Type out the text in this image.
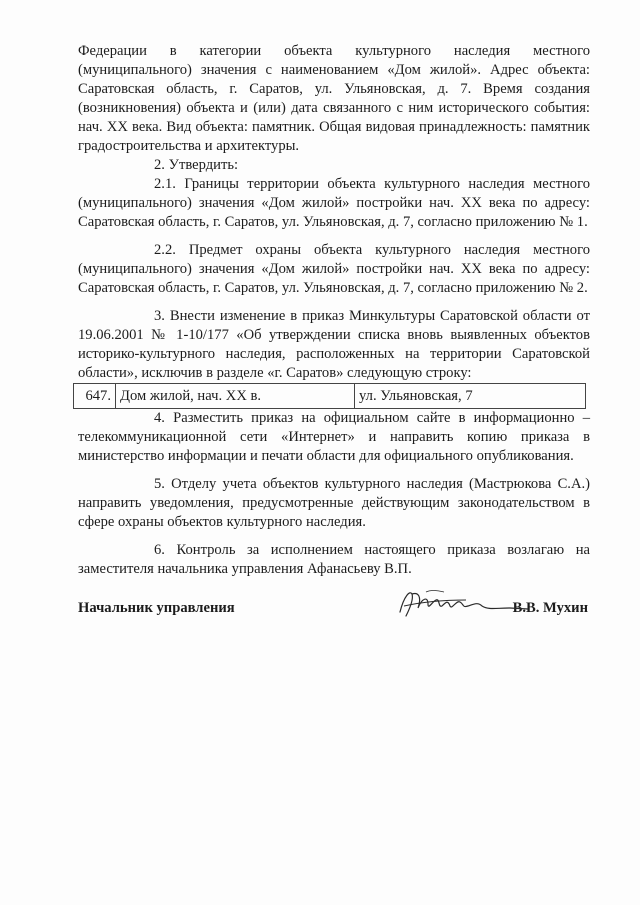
Федерации в категории объекта культурного наследия местного (муниципального) значения с наименованием «Дом жилой». Адрес объекта: Саратовская область, г. Саратов, ул. Ульяновская, д. 7. Время создания (возникновения) объекта и (или) дата связанного с ним исторического события: нач. XX века. Вид объекта: памятник. Общая видовая принадлежность: памятник градостроительства и архитектуры.

2. Утвердить:

2.1. Границы территории объекта культурного наследия местного (муниципального) значения «Дом жилой» постройки нач. XX века по адресу: Саратовская область, г. Саратов, ул. Ульяновская, д. 7, согласно приложению № 1.

2.2. Предмет охраны объекта культурного наследия местного (муниципального) значения «Дом жилой» постройки нач. XX века по адресу: Саратовская область, г. Саратов, ул. Ульяновская, д. 7, согласно приложению № 2.

3. Внести изменение в приказ Минкультуры Саратовской области от 19.06.2001 № 1-10/177 «Об утверждении списка вновь выявленных объектов историко-культурного наследия, расположенных на территории Саратовской области», исключив в разделе «г. Саратов» следующую строку:

647.	Дом жилой, нач. XX в.	ул. Ульяновская, 7

4. Разместить приказ на официальном сайте в информационно – телекоммуникационной сети «Интернет» и направить копию приказа в министерство информации и печати области для официального опубликования.

5. Отделу учета объектов культурного наследия (Мастрюкова С.А.) направить уведомления, предусмотренные действующим законодательством в сфере охраны объектов культурного наследия.

6. Контроль за исполнением настоящего приказа возлагаю на заместителя начальника управления Афанасьеву В.П.

Начальник управления	В.В. Мухин
